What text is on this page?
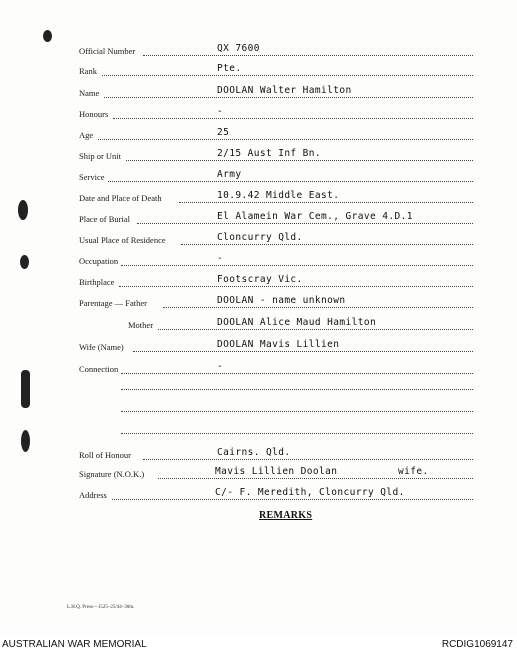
Official Number	QX 7600
Rank	Pte.
Name	DOOLAN Walter Hamilton
Honours	-
Age	25
Ship or Unit	2/15 Aust Inf Bn.
Service	Army
Date and Place of Death	10.9.42 Middle East.
Place of Burial	El Alamein War Cem., Grave 4.D.1
Usual Place of Residence	Cloncurry Qld.
Occupation	-
Birthplace	Footscray Vic.
Parentage — Father	DOOLAN - name unknown
Mother	DOOLAN Alice Maud Hamilton
Wife (Name)	DOOLAN Mavis Lillien
Connection	-
Roll of Honour	Cairns. Qld.
Signature (N.O.K.)	Mavis Lillien Doolan	wife.
Address	C/- F. Meredith, Cloncurry Qld.
REMARKS
L.H.Q. Press—1525–25/44–30m.
AUSTRALIAN WAR MEMORIAL	RCDIG1069147
